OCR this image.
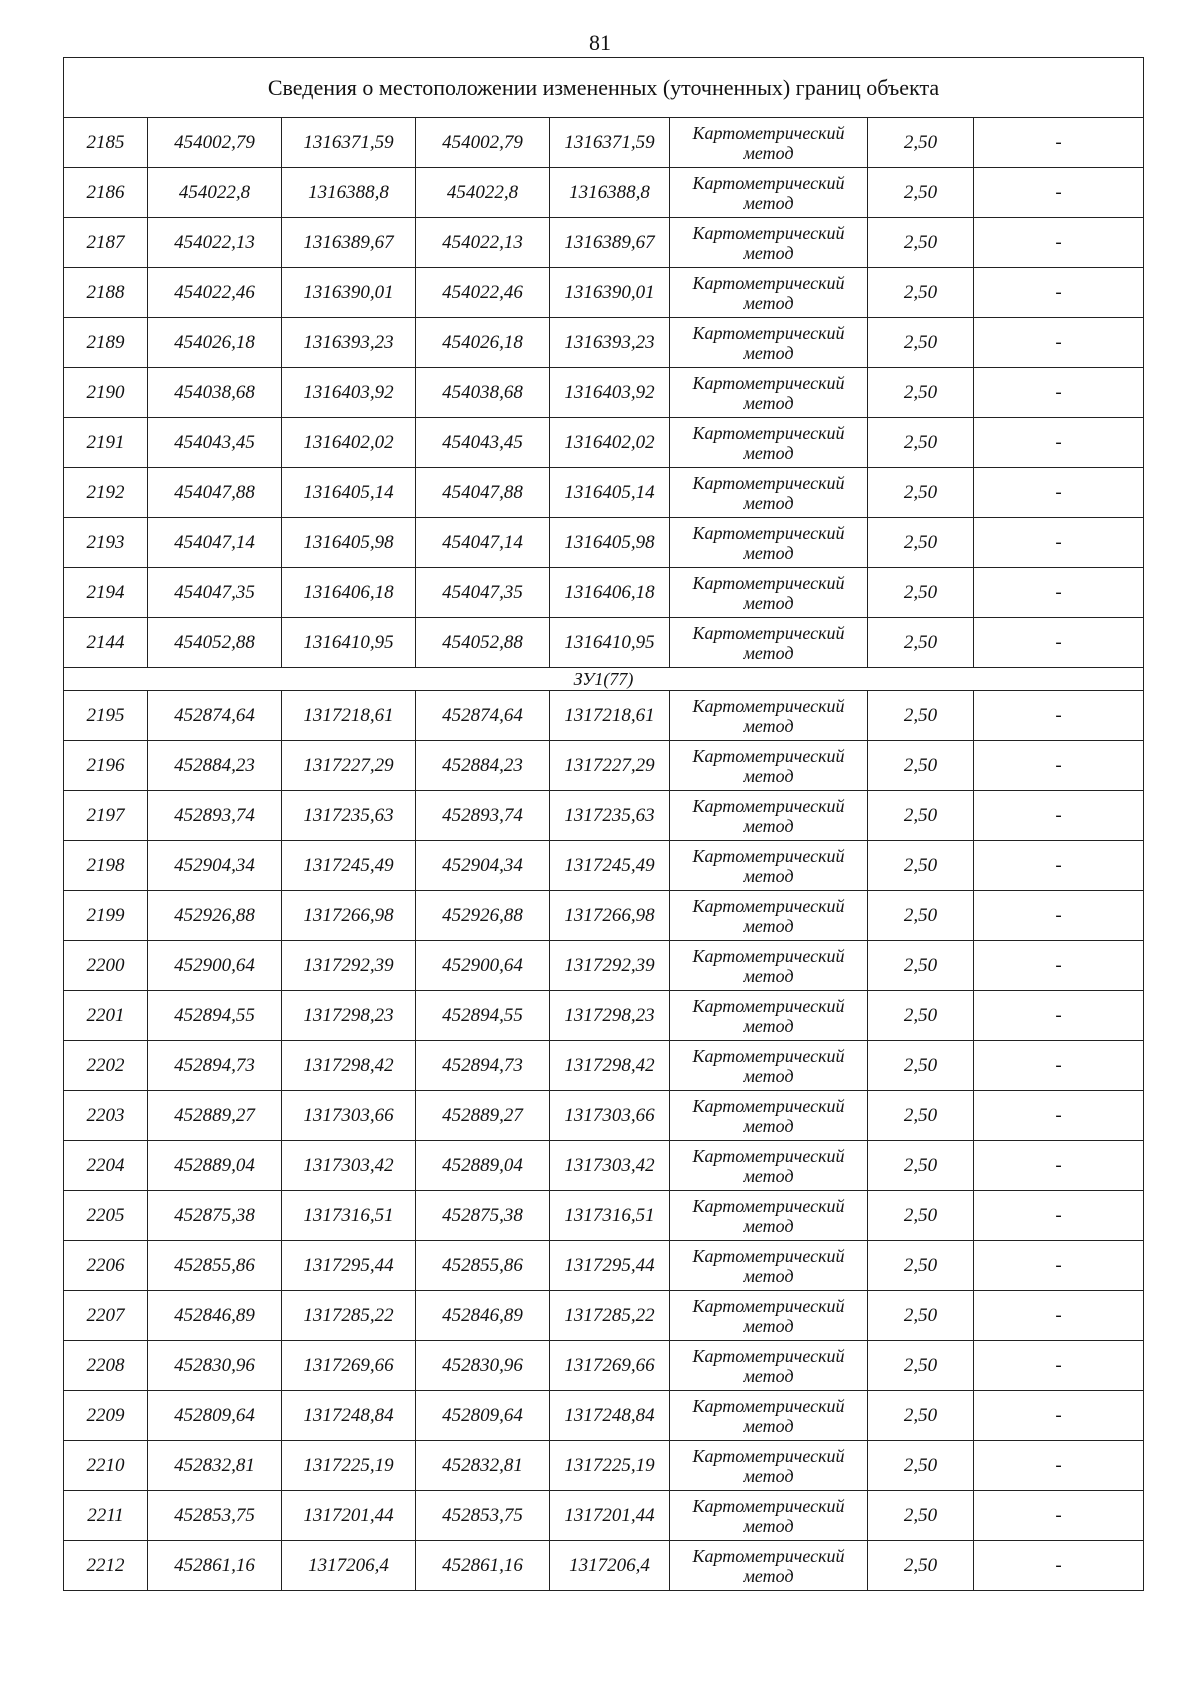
81
Сведения о местоположении измененных (уточненных) границ объекта							
2185	454002,79	1316371,59	454002,79	1316371,59	Картометрический метод	2,50	-
2186	454022,8	1316388,8	454022,8	1316388,8	Картометрический метод	2,50	-
2187	454022,13	1316389,67	454022,13	1316389,67	Картометрический метод	2,50	-
2188	454022,46	1316390,01	454022,46	1316390,01	Картометрический метод	2,50	-
2189	454026,18	1316393,23	454026,18	1316393,23	Картометрический метод	2,50	-
2190	454038,68	1316403,92	454038,68	1316403,92	Картометрический метод	2,50	-
2191	454043,45	1316402,02	454043,45	1316402,02	Картометрический метод	2,50	-
2192	454047,88	1316405,14	454047,88	1316405,14	Картометрический метод	2,50	-
2193	454047,14	1316405,98	454047,14	1316405,98	Картометрический метод	2,50	-
2194	454047,35	1316406,18	454047,35	1316406,18	Картометрический метод	2,50	-
2144	454052,88	1316410,95	454052,88	1316410,95	Картометрический метод	2,50	-
ЗУ1(77)							
2195	452874,64	1317218,61	452874,64	1317218,61	Картометрический метод	2,50	-
2196	452884,23	1317227,29	452884,23	1317227,29	Картометрический метод	2,50	-
2197	452893,74	1317235,63	452893,74	1317235,63	Картометрический метод	2,50	-
2198	452904,34	1317245,49	452904,34	1317245,49	Картометрический метод	2,50	-
2199	452926,88	1317266,98	452926,88	1317266,98	Картометрический метод	2,50	-
2200	452900,64	1317292,39	452900,64	1317292,39	Картометрический метод	2,50	-
2201	452894,55	1317298,23	452894,55	1317298,23	Картометрический метод	2,50	-
2202	452894,73	1317298,42	452894,73	1317298,42	Картометрический метод	2,50	-
2203	452889,27	1317303,66	452889,27	1317303,66	Картометрический метод	2,50	-
2204	452889,04	1317303,42	452889,04	1317303,42	Картометрический метод	2,50	-
2205	452875,38	1317316,51	452875,38	1317316,51	Картометрический метод	2,50	-
2206	452855,86	1317295,44	452855,86	1317295,44	Картометрический метод	2,50	-
2207	452846,89	1317285,22	452846,89	1317285,22	Картометрический метод	2,50	-
2208	452830,96	1317269,66	452830,96	1317269,66	Картометрический метод	2,50	-
2209	452809,64	1317248,84	452809,64	1317248,84	Картометрический метод	2,50	-
2210	452832,81	1317225,19	452832,81	1317225,19	Картометрический метод	2,50	-
2211	452853,75	1317201,44	452853,75	1317201,44	Картометрический метод	2,50	-
2212	452861,16	1317206,4	452861,16	1317206,4	Картометрический метод	2,50	-
